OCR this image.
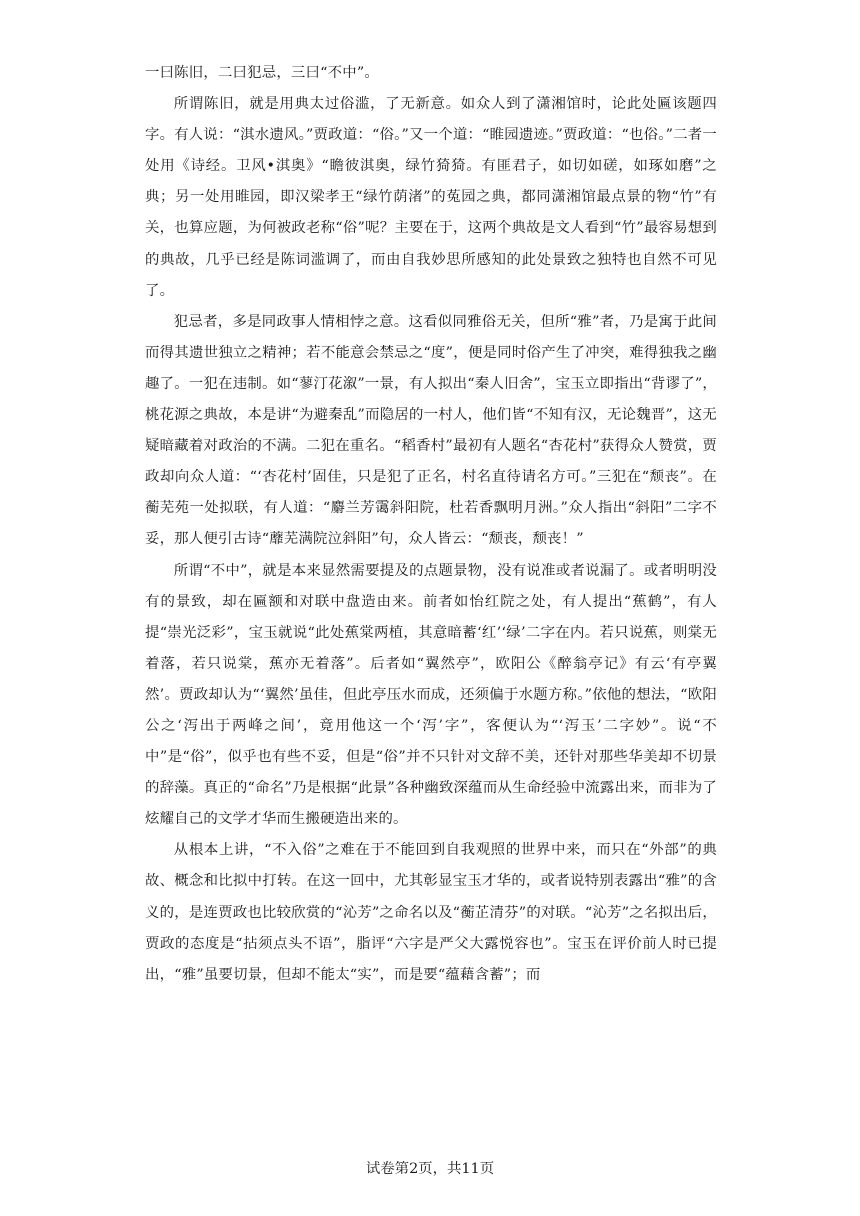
一曰陈旧，二曰犯忌，三曰“不中”。

所谓陈旧，就是用典太过俗滥，了无新意。如众人到了潇湘馆时，论此处匾该题四字。有人说：“淇水遗风。”贾政道：“俗。”又一个道：“睢园遗迹。”贾政道：“也俗。”二者一处用《诗经。卫风•淇奥》“瞻彼淇奥，绿竹猗猗。有匪君子，如切如磋，如琢如磨”之典；另一处用睢园，即汉梁孝王“绿竹荫渚”的菟园之典，都同潇湘馆最点景的物“竹”有关，也算应题，为何被政老称“俗”呢？主要在于，这两个典故是文人看到“竹”最容易想到的典故，几乎已经是陈词滥调了，而由自我妙思所感知的此处景致之独特也自然不可见了。

犯忌者，多是同政事人情相悖之意。这看似同雅俗无关，但所“雅”者，乃是寓于此间而得其遗世独立之精神；若不能意会禁忌之“度”，便是同时俗产生了冲突，难得独我之幽趣了。一犯在违制。如“蓼汀花溆”一景，有人拟出“秦人旧舍”，宝玉立即指出“背谬了”，桃花源之典故，本是讲“为避秦乱”而隐居的一村人，他们皆“不知有汉，无论魏晋”，这无疑暗藏着对政治的不满。二犯在重名。“稻香村”最初有人题名“杏花村”获得众人赞赏，贾政却向众人道：“‘杏花村’固佳，只是犯了正名，村名直待请名方可。”三犯在“颓丧”。在蘅芜苑一处拟联，有人道：“麝兰芳霭斜阳院，杜若香飘明月洲。”众人指出“斜阳”二字不妥，那人便引古诗“蘼芜满院泣斜阳”句，众人皆云：“颓丧，颓丧！”

所谓“不中”，就是本来显然需要提及的点题景物，没有说准或者说漏了。或者明明没有的景致，却在匾额和对联中盘造由来。前者如怡红院之处，有人提出“蕉鹤”，有人提“崇光泛彩”，宝玉就说“此处蕉棠两植，其意暗蓄‘红’‘绿’二字在内。若只说蕉，则棠无着落，若只说棠，蕉亦无着落”。后者如“翼然亭”，欧阳公《醉翁亭记》有云‘有亭翼然’。贾政却认为“‘翼然’虽佳，但此亭压水而成，还须偏于水题方称。”依他的想法，“欧阳公之‘泻出于两峰之间’，竟用他这一个‘泻’字”，客便认为“‘泻玉’二字妙”。说“不中”是“俗”，似乎也有些不妥，但是“俗”并不只针对文辞不美，还针对那些华美却不切景的辞藻。真正的“命名”乃是根据“此景”各种幽致深蕴而从生命经验中流露出来，而非为了炫耀自己的文学才华而生搬硬造出来的。

从根本上讲，“不入俗”之难在于不能回到自我观照的世界中来，而只在“外部”的典故、概念和比拟中打转。在这一回中，尤其彰显宝玉才华的，或者说特别表露出“雅”的含义的，是连贾政也比较欣赏的“沁芳”之命名以及“蘅芷清芬”的对联。“沁芳”之名拟出后，贾政的态度是“拈须点头不语”，脂评“六字是严父大露悦容也”。宝玉在评价前人时已提出，“雅”虽要切景，但却不能太“实”，而是要“蕴藉含蓄”；而

试卷第2页，共11页
